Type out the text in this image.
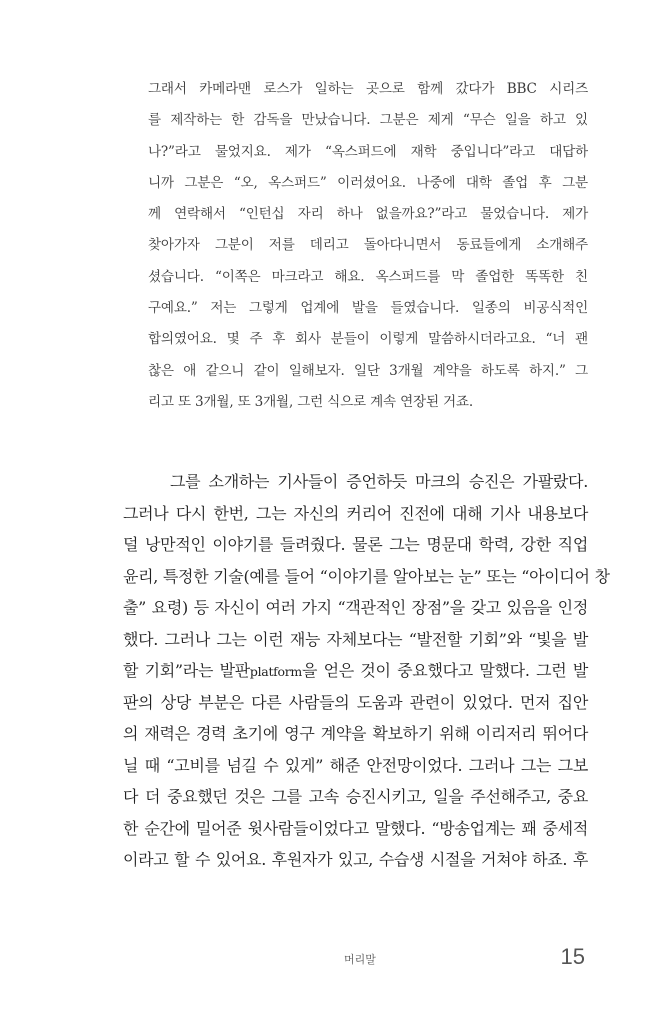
그래서 카메라맨 로스가 일하는 곳으로 함께 갔다가 BBC 시리즈
를 제작하는 한 감독을 만났습니다. 그분은 제게 “무슨 일을 하고 있
나?”라고 물었지요. 제가 “옥스퍼드에 재학 중입니다”라고 대답하
니까 그분은 “오, 옥스퍼드” 이러셨어요. 나중에 대학 졸업 후 그분
께 연락해서 “인턴십 자리 하나 없을까요?”라고 물었습니다. 제가
찾아가자 그분이 저를 데리고 돌아다니면서 동료들에게 소개해주
셨습니다. “이쪽은 마크라고 해요. 옥스퍼드를 막 졸업한 똑똑한 친
구예요.” 저는 그렇게 업계에 발을 들였습니다. 일종의 비공식적인
합의였어요. 몇 주 후 회사 분들이 이렇게 말씀하시더라고요. “너 괜
찮은 애 같으니 같이 일해보자. 일단 3개월 계약을 하도록 하지.” 그
리고 또 3개월, 또 3개월, 그런 식으로 계속 연장된 거죠.
그를 소개하는 기사들이 증언하듯 마크의 승진은 가팔랐다.
그러나 다시 한번, 그는 자신의 커리어 진전에 대해 기사 내용보다
덜 낭만적인 이야기를 들려줬다. 물론 그는 명문대 학력, 강한 직업
윤리, 특정한 기술(예를 들어 “이야기를 알아보는 눈” 또는 “아이디어 창
출” 요령) 등 자신이 여러 가지 “객관적인 장점”을 갖고 있음을 인정
했다. 그러나 그는 이런 재능 자체보다는 “발전할 기회”와 “빛을 발
할 기회”라는 발판platform을 얻은 것이 중요했다고 말했다. 그런 발
판의 상당 부분은 다른 사람들의 도움과 관련이 있었다. 먼저 집안
의 재력은 경력 초기에 영구 계약을 확보하기 위해 이리저리 뛰어다
닐 때 “고비를 넘길 수 있게” 해준 안전망이었다. 그러나 그는 그보
다 더 중요했던 것은 그를 고속 승진시키고, 일을 주선해주고, 중요
한 순간에 밀어준 윗사람들이었다고 말했다. “방송업계는 꽤 중세적
이라고 할 수 있어요. 후원자가 있고, 수습생 시절을 거쳐야 하죠. 후
머리말	15
